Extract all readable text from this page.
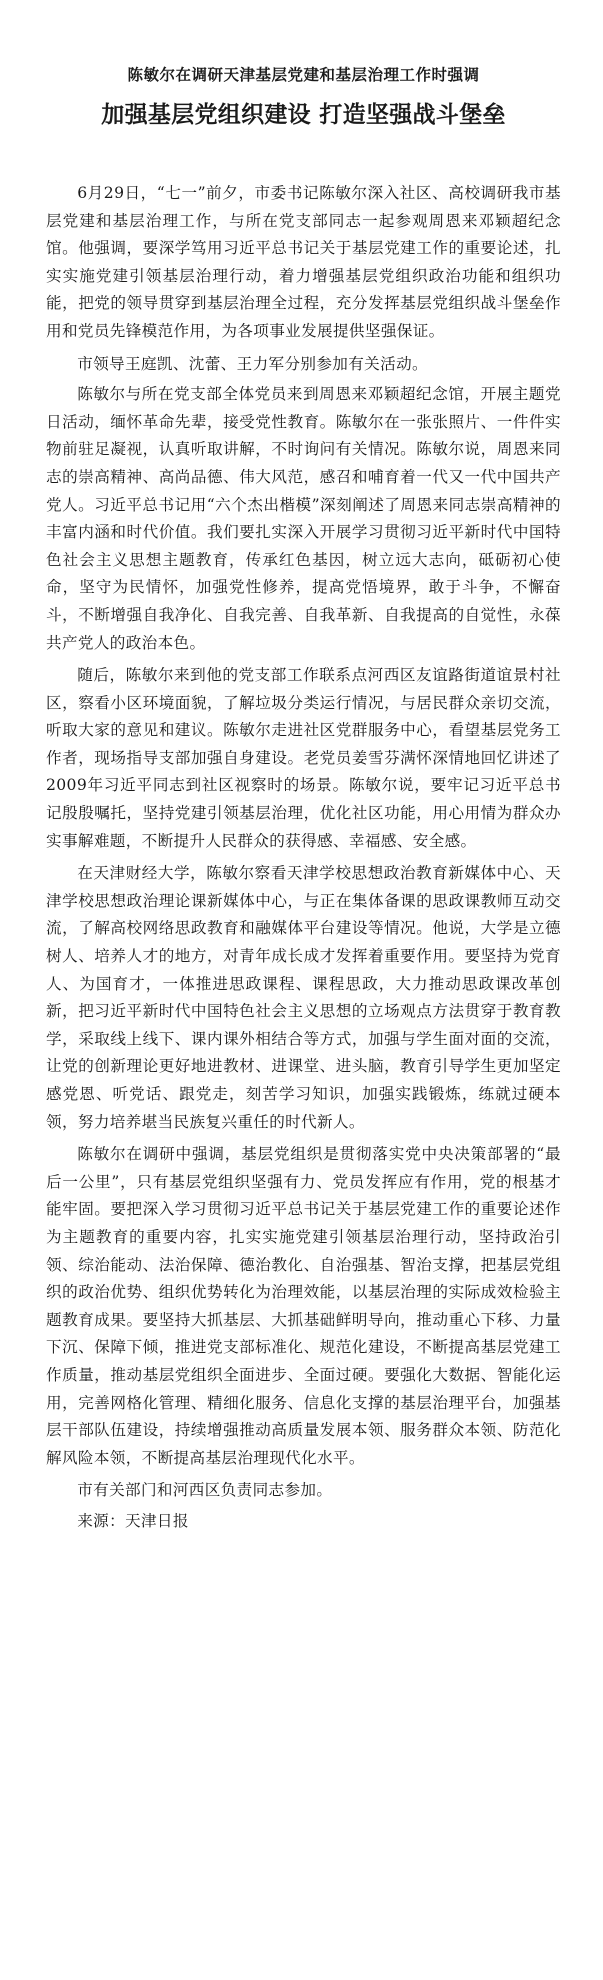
陈敏尔在调研天津基层党建和基层治理工作时强调

加强基层党组织建设 打造坚强战斗堡垒

6月29日，“七一”前夕，市委书记陈敏尔深入社区、高校调研我市基层党建和基层治理工作，与所在党支部同志一起参观周恩来邓颖超纪念馆。他强调，要深学笃用习近平总书记关于基层党建工作的重要论述，扎实实施党建引领基层治理行动，着力增强基层党组织政治功能和组织功能，把党的领导贯穿到基层治理全过程，充分发挥基层党组织战斗堡垒作用和党员先锋模范作用，为各项事业发展提供坚强保证。

市领导王庭凯、沈蕾、王力军分别参加有关活动。

陈敏尔与所在党支部全体党员来到周恩来邓颖超纪念馆，开展主题党日活动，缅怀革命先辈，接受党性教育。陈敏尔在一张张照片、一件件实物前驻足凝视，认真听取讲解，不时询问有关情况。陈敏尔说，周恩来同志的崇高精神、高尚品德、伟大风范，感召和哺育着一代又一代中国共产党人。习近平总书记用“六个杰出楷模”深刻阐述了周恩来同志崇高精神的丰富内涵和时代价值。我们要扎实深入开展学习贯彻习近平新时代中国特色社会主义思想主题教育，传承红色基因，树立远大志向，砥砺初心使命，坚守为民情怀，加强党性修养，提高党悟境界，敢于斗争，不懈奋斗，不断增强自我净化、自我完善、自我革新、自我提高的自觉性，永葆共产党人的政治本色。

随后，陈敏尔来到他的党支部工作联系点河西区友谊路街道谊景村社区，察看小区环境面貌，了解垃圾分类运行情况，与居民群众亲切交流，听取大家的意见和建议。陈敏尔走进社区党群服务中心，看望基层党务工作者，现场指导支部加强自身建设。老党员姜雪芬满怀深情地回忆讲述了2009年习近平同志到社区视察时的场景。陈敏尔说，要牢记习近平总书记殷殷嘱托，坚持党建引领基层治理，优化社区功能，用心用情为群众办实事解难题，不断提升人民群众的获得感、幸福感、安全感。

在天津财经大学，陈敏尔察看天津学校思想政治教育新媒体中心、天津学校思想政治理论课新媒体中心，与正在集体备课的思政课教师互动交流，了解高校网络思政教育和融媒体平台建设等情况。他说，大学是立德树人、培养人才的地方，对青年成长成才发挥着重要作用。要坚持为党育人、为国育才，一体推进思政课程、课程思政，大力推动思政课改革创新，把习近平新时代中国特色社会主义思想的立场观点方法贯穿于教育教学，采取线上线下、课内课外相结合等方式，加强与学生面对面的交流，让党的创新理论更好地进教材、进课堂、进头脑，教育引导学生更加坚定感党恩、听党话、跟党走，刻苦学习知识，加强实践锻炼，练就过硬本领，努力培养堪当民族复兴重任的时代新人。

陈敏尔在调研中强调，基层党组织是贯彻落实党中央决策部署的“最后一公里”，只有基层党组织坚强有力、党员发挥应有作用，党的根基才能牢固。要把深入学习贯彻习近平总书记关于基层党建工作的重要论述作为主题教育的重要内容，扎实实施党建引领基层治理行动，坚持政治引领、综治能动、法治保障、德治教化、自治强基、智治支撑，把基层党组织的政治优势、组织优势转化为治理效能，以基层治理的实际成效检验主题教育成果。要坚持大抓基层、大抓基础鲜明导向，推动重心下移、力量下沉、保障下倾，推进党支部标准化、规范化建设，不断提高基层党建工作质量，推动基层党组织全面进步、全面过硬。要强化大数据、智能化运用，完善网格化管理、精细化服务、信息化支撑的基层治理平台，加强基层干部队伍建设，持续增强推动高质量发展本领、服务群众本领、防范化解风险本领，不断提高基层治理现代化水平。

市有关部门和河西区负责同志参加。

来源：天津日报
